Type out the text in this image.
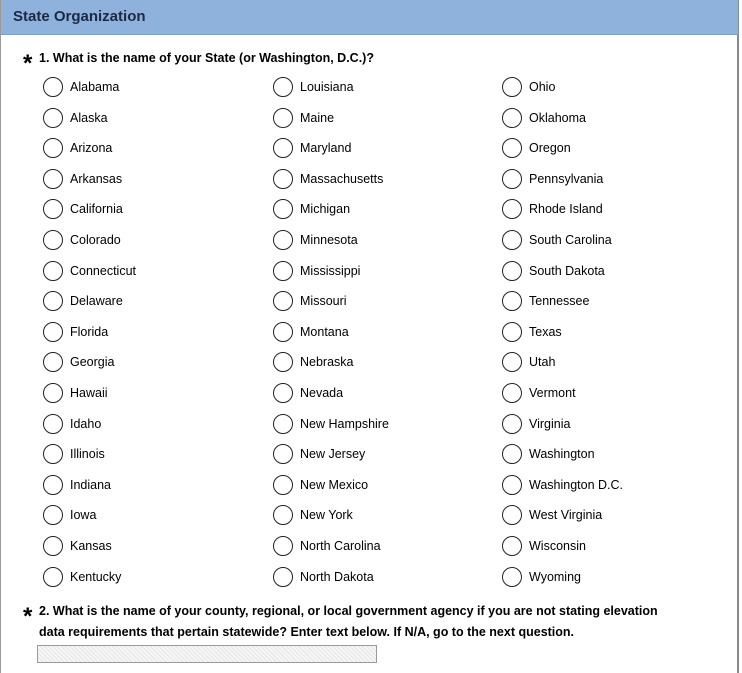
State Organization
* 1. What is the name of your State (or Washington, D.C.)?
Alabama
Alaska
Arizona
Arkansas
California
Colorado
Connecticut
Delaware
Florida
Georgia
Hawaii
Idaho
Illinois
Indiana
Iowa
Kansas
Kentucky
Louisiana
Maine
Maryland
Massachusetts
Michigan
Minnesota
Mississippi
Missouri
Montana
Nebraska
Nevada
New Hampshire
New Jersey
New Mexico
New York
North Carolina
North Dakota
Ohio
Oklahoma
Oregon
Pennsylvania
Rhode Island
South Carolina
South Dakota
Tennessee
Texas
Utah
Vermont
Virginia
Washington
Washington D.C.
West Virginia
Wisconsin
Wyoming
* 2. What is the name of your county, regional, or local government agency if you are not stating elevation
data requirements that pertain statewide? Enter text below. If N/A, go to the next question.
